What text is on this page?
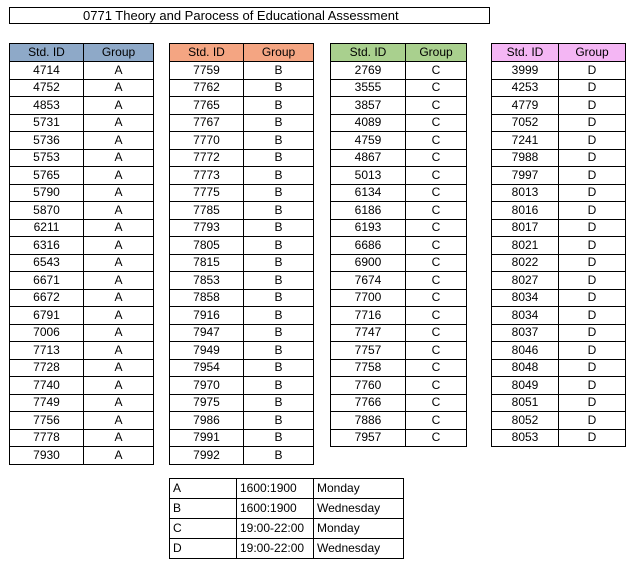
0771 Theory and Parocess of Educational Assessment
Std. ID	Group
4714	A
4752	A
4853	A
5731	A
5736	A
5753	A
5765	A
5790	A
5870	A
6211	A
6316	A
6543	A
6671	A
6672	A
6791	A
7006	A
7713	A
7728	A
7740	A
7749	A
7756	A
7778	A
7930	A
Std. ID	Group
7759	B
7762	B
7765	B
7767	B
7770	B
7772	B
7773	B
7775	B
7785	B
7793	B
7805	B
7815	B
7853	B
7858	B
7916	B
7947	B
7949	B
7954	B
7970	B
7975	B
7986	B
7991	B
7992	B
Std. ID	Group
2769	C
3555	C
3857	C
4089	C
4759	C
4867	C
5013	C
6134	C
6186	C
6193	C
6686	C
6900	C
7674	C
7700	C
7716	C
7747	C
7757	C
7758	C
7760	C
7766	C
7886	C
7957	C
Std. ID	Group
3999	D
4253	D
4779	D
7052	D
7241	D
7988	D
7997	D
8013	D
8016	D
8017	D
8021	D
8022	D
8027	D
8034	D
8034	D
8037	D
8046	D
8048	D
8049	D
8051	D
8052	D
8053	D
A	1600:1900	Monday
B	1600:1900	Wednesday
C	19:00-22:00	Monday
D	19:00-22:00	Wednesday
